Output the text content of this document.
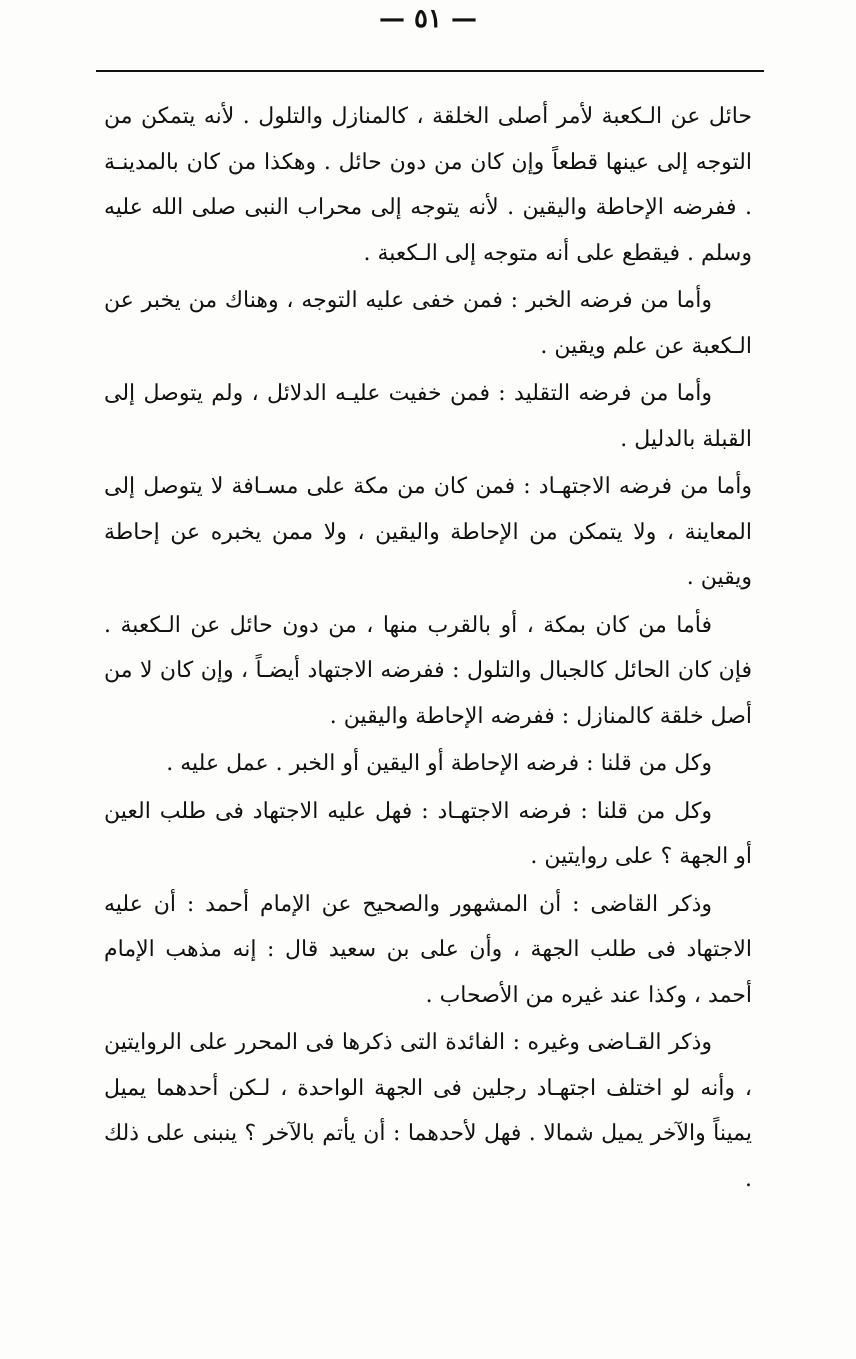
— ٥١ —

حائل عن الـكعبة لأمر أصلى الخلقة ، كالمنازل والتلول . لأنه يتمكن من التوجه إلى عينها قطعاً وإن كان من دون حائل . وهكذا من كان بالمدينـة . ففرضه الإحاطة واليقين . لأنه يتوجه إلى محراب النبى صلى الله عليه وسلم . فيقطع على أنه متوجه إلى الـكعبة .

وأما من فرضه الخبر : فمن خفى عليه التوجه ، وهناك من يخبر عن الـكعبة عن علم ويقين .

وأما من فرضه التقليد : فمن خفيت عليـه الدلائل ، ولم يتوصل إلى القبلة بالدليل .

وأما من فرضه الاجتهـاد : فمن كان من مكة على مسـافة لا يتوصل إلى المعاينة ، ولا يتمكن من الإحاطة واليقين ، ولا ممن يخبره عن إحاطة ويقين .

فأما من كان بمكة ، أو بالقرب منها ، من دون حائل عن الـكعبة . فإن كان الحائل كالجبال والتلول : ففرضه الاجتهاد أيضـاً ، وإن كان لا من أصل خلقة كالمنازل : ففرضه الإحاطة واليقين .

وكل من قلنا : فرضه الإحاطة أو اليقين أو الخبر . عمل عليه .

وكل من قلنا : فرضه الاجتهـاد : فهل عليه الاجتهاد فى طلب العين أو الجهة ؟ على روايتين .

وذكر القاضى : أن المشهور والصحيح عن الإمام أحمد : أن عليه الاجتهاد فى طلب الجهة ، وأن على بن سعيد قال : إنه مذهب الإمام أحمد ، وكذا عند غيره من الأصحاب .

وذكر القـاضى وغيره : الفائدة التى ذكرها فى المحرر على الروايتين ، وأنه لو اختلف اجتهـاد رجلين فى الجهة الواحدة ، لـكن أحدهما يميل يميناً والآخر يميل شمالا . فهل لأحدهما : أن يأتم بالآخر ؟ ينبنى على ذلك .
